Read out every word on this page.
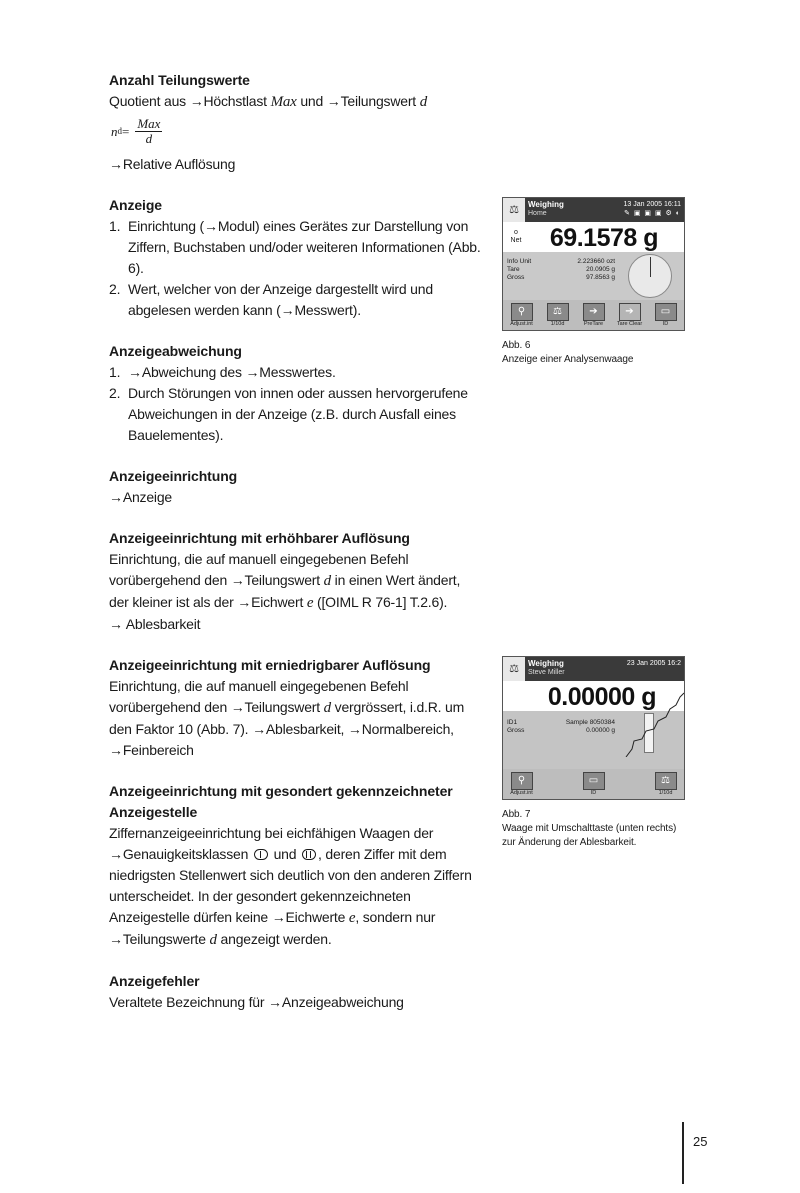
Anzahl Teilungswerte
Quotient aus →Höchstlast Max und →Teilungswert d
n $d = \frac{\text{Max}}{d}$
→Relative Auflösung
Anzeige
1. Einrichtung (→Modul) eines Gerätes zur Darstellung von Ziffern, Buchstaben und/oder weiteren Informationen (Abb. 6).
2. Wert, welcher von der Anzeige dargestellt wird und abgelesen werden kann (→Messwert).
Anzeigeabweichung
1. →Abweichung des →Messwertes.
2. Durch Störungen von innen oder aussen hervorgerufene Abweichungen in der Anzeige (z.B. durch Ausfall eines Bauelementes).
Anzeigeeinrichtung
→Anzeige
Anzeigeeinrichtung mit erhöhbarer Auflösung
Einrichtung, die auf manuell eingegebenen Befehl vorübergehend den →Teilungswert d in einen Wert ändert, der kleiner ist als der →Eichwert e ([OIML R 76-1] T.2.6).
→ Ablesbarkeit
Anzeigeeinrichtung mit erniedrigbarer Auflösung
Einrichtung, die auf manuell eingegebenen Befehl vorübergehend den →Teilungswert d vergrössert, i.d.R. um den Faktor 10 (Abb. 7). →Ablesbarkeit, →Normalbereich,
→Feinbereich
Anzeigeeinrichtung mit gesondert gekennzeichneter Anzeigestelle
Ziffernanzeigeeinrichtung bei eichfähigen Waagen der
→Genauigkeitsklassen  und , deren Ziffer mit dem niedrigsten Stellenwert sich deutlich von den anderen Ziffern unterscheidet. In der gesondert gekennzeichneten Anzeigestelle dürfen keine →Eichwerte e, sondern nur →Teilungswerte d angezeigt werden.
Anzeigefehler
Veraltete Bezeichnung für →Anzeigeabweichung
⚖	Weighing
Home
13 Jan 2005 16:11
✎ ▣ ▣ ▣ ⚙ ◐
o
Net 69.1578 g
Info Unit	2.223660 ozt
Tare	20.0905 g
Gross	97.8563 g
⚲
Adjust.int
⚖
1/10d
➔
PreTare
➔
Tare Clear
▭
ID
Abb. 6
Anzeige einer Analysenwaage
⚖	Weighing
Steve Miller
23 Jan 2005 16:2
0.00000 g
ID1	Sample 8050384
Gross	0.00000 g
⚲
Adjust.int
▭
ID
⚖
1/10d
Abb. 7
Waage mit Umschalttaste (unten rechts) zur Änderung der Ablesbarkeit.
25
